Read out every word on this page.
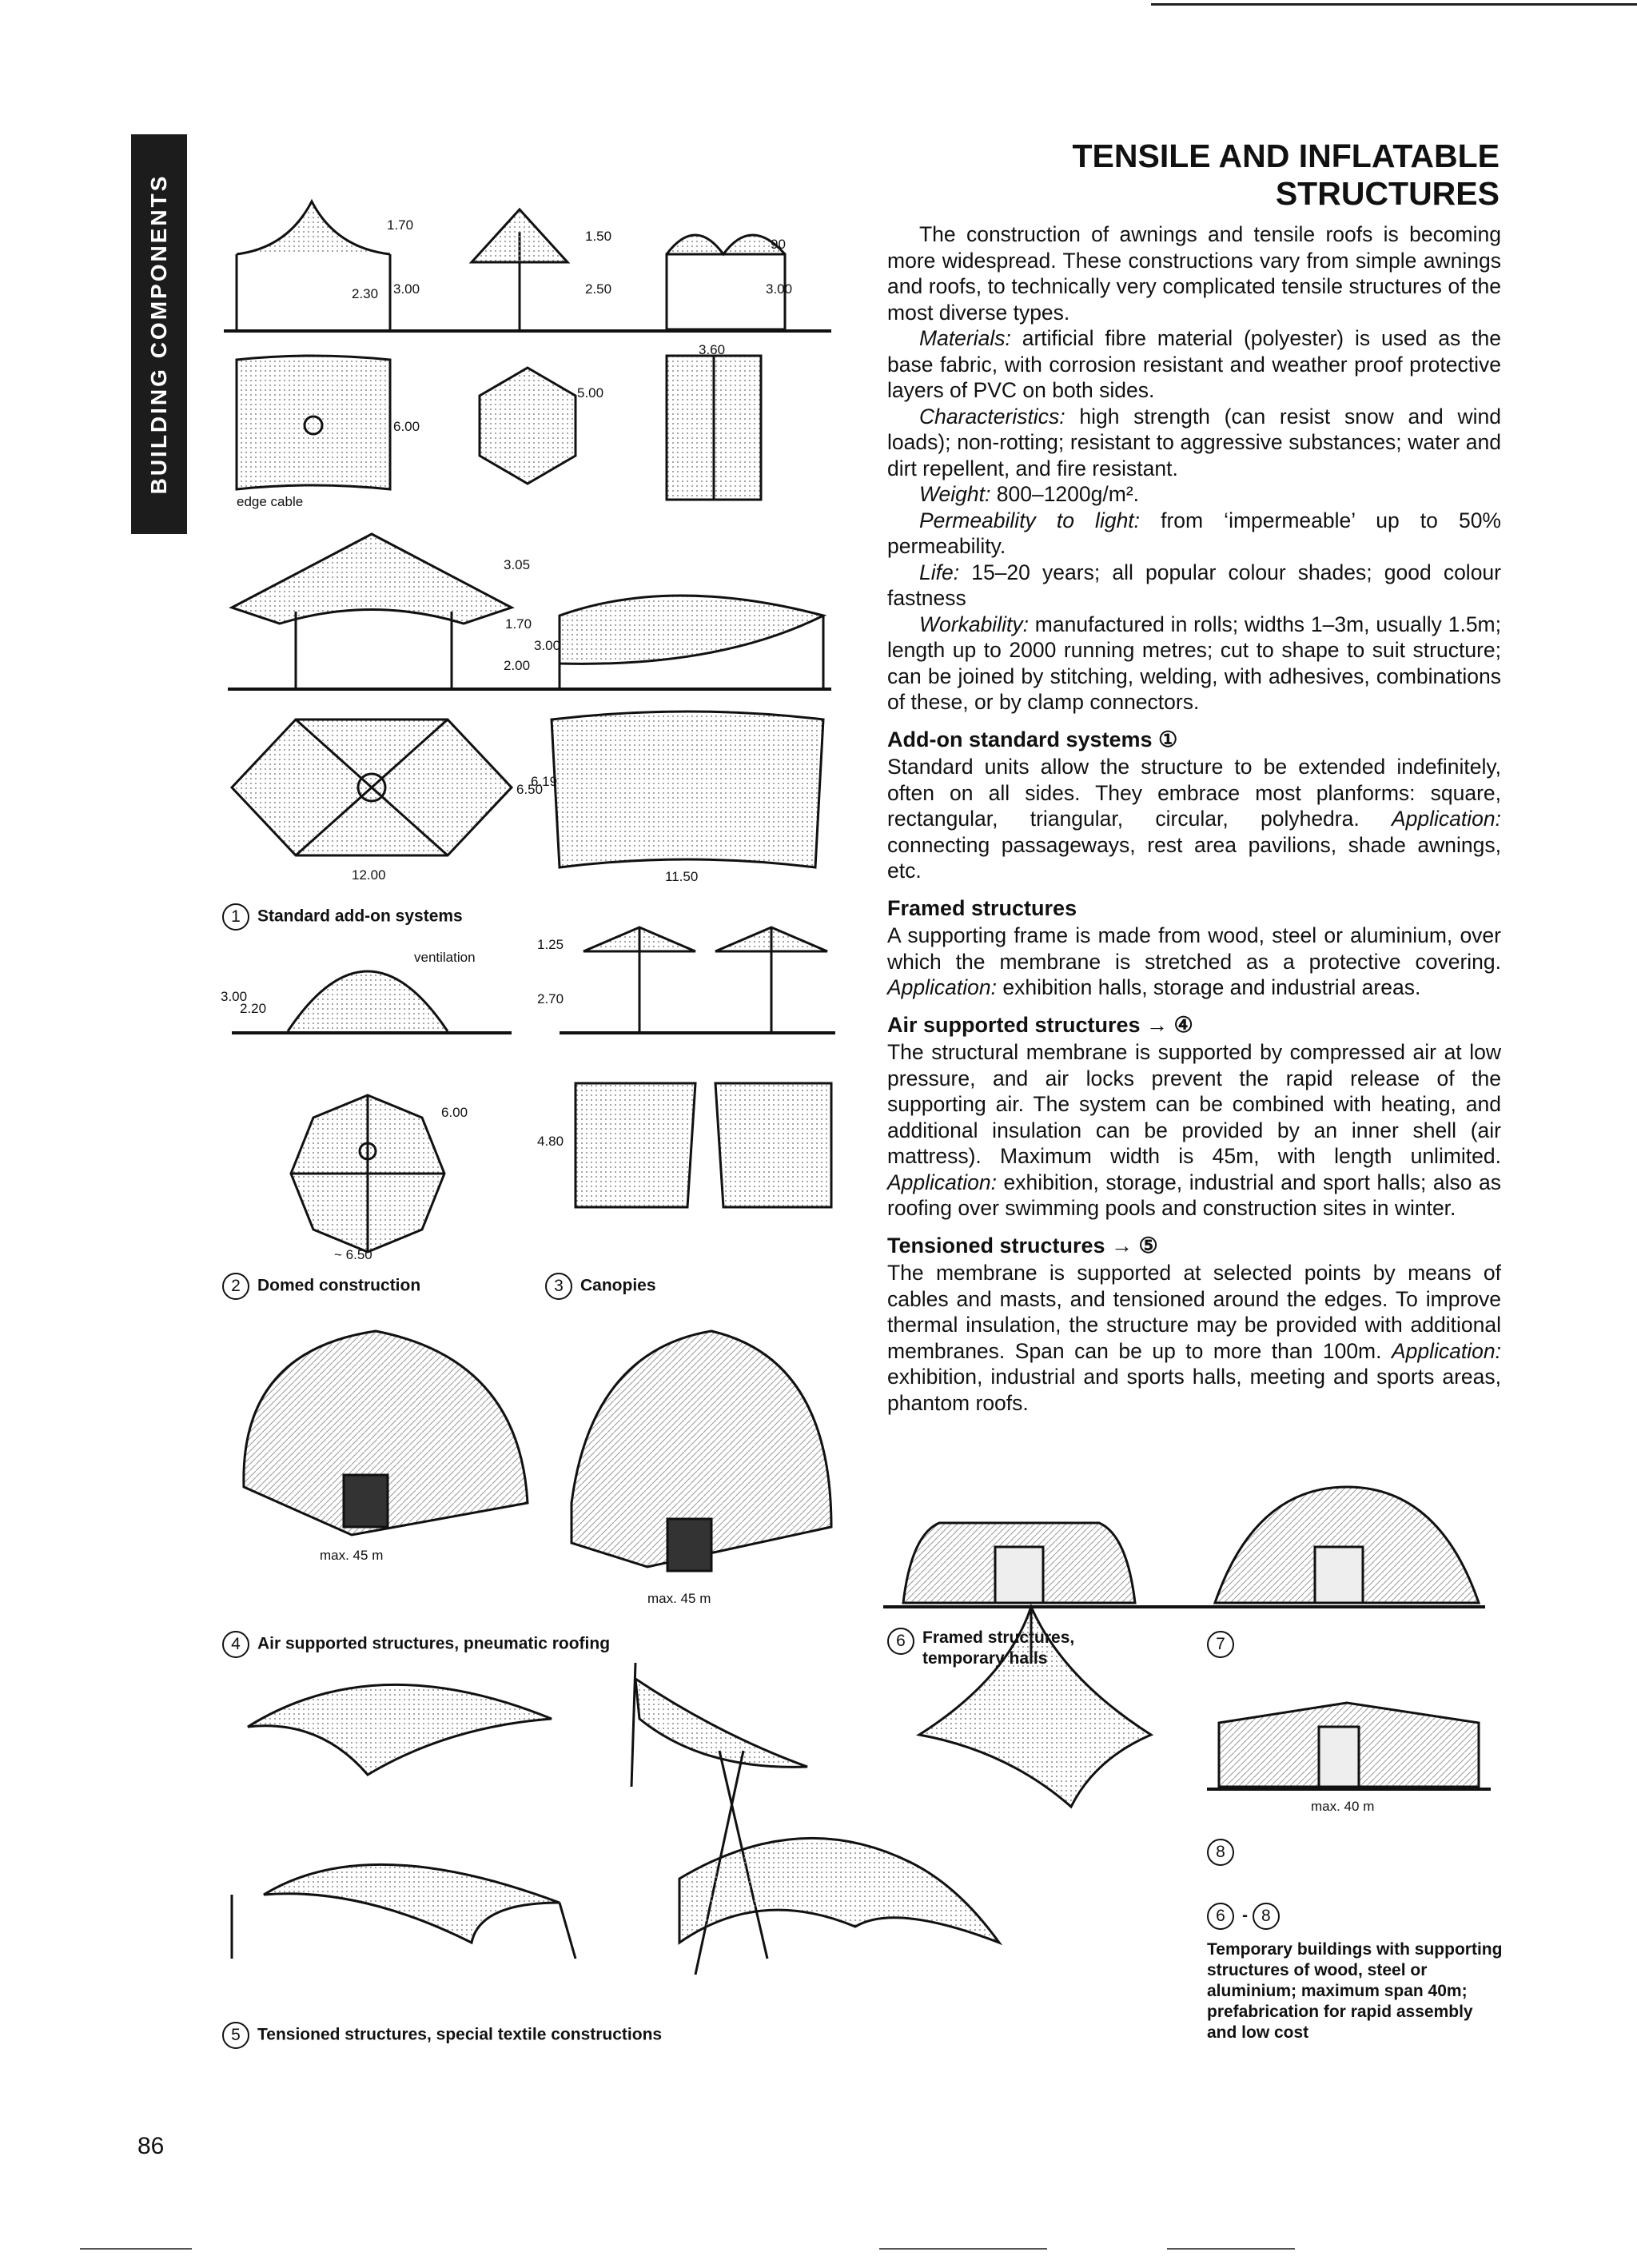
BUILDING COMPONENTS
TENSILE AND INFLATABLE
STRUCTURES

The construction of awnings and tensile roofs is becoming more widespread. These constructions vary from simple awnings and roofs, to technically very complicated tensile structures of the most diverse types.

Materials: artificial fibre material (polyester) is used as the base fabric, with corrosion resistant and weather proof protective layers of PVC on both sides.

Characteristics: high strength (can resist snow and wind loads); non-rotting; resistant to aggressive substances; water and dirt repellent, and fire resistant.

Weight: 800–1200g/m².

Permeability to light: from ‘impermeable’ up to 50% permeability.

Life: 15–20 years; all popular colour shades; good colour fastness

Workability: manufactured in rolls; widths 1–3m, usually 1.5m; length up to 2000 running metres; cut to shape to suit structure; can be joined by stitching, welding, with adhesives, combinations of these, or by clamp connectors.

Add-on standard systems ①

Standard units allow the structure to be extended indefinitely, often on all sides. They embrace most planforms: square, rectangular, triangular, circular, polyhedra. Application: connecting passageways, rest area pavilions, shade awnings, etc.

Framed structures

A supporting frame is made from wood, steel or aluminium, over which the membrane is stretched as a protective covering. Application: exhibition halls, storage and industrial areas.

Air supported structures → ④

The structural membrane is supported by compressed air at low pressure, and air locks prevent the rapid release of the supporting air. The system can be combined with heating, and additional insulation can be provided by an inner shell (air mattress). Maximum width is 45m, with length unlimited. Application: exhibition, storage, industrial and sport halls; also as roofing over swimming pools and construction sites in winter.

Tensioned structures → ⑤

The membrane is supported at selected points by means of cables and masts, and tensioned around the edges. To improve thermal insulation, the structure may be provided with additional membranes. Span can be up to more than 100m. Application: exhibition, industrial and sports halls, meeting and sports areas, phantom roofs.

1.70
2.30 3.00
1.50
2.50
90
3.00
3.60
5.00
6.00
edge cable
3.05
1.70
2.00
3.00
12.00
6.50
6.19
11.50
1 Standard add-on systems
ventilation
1.25
2.70
3.00
2.20
6.00
4.80
~ 6.50
2 Domed construction	3 Canopies
max. 45 m
max. 45 m
4 Air supported structures, pneumatic roofing	6	Framed structures, temporary halls
7
max. 40 m
8
6 - 8
Temporary buildings with supporting structures of wood, steel or aluminium; maximum span 40m; prefabrication for rapid assembly and low cost
5 Tensioned structures, special textile constructions
86
